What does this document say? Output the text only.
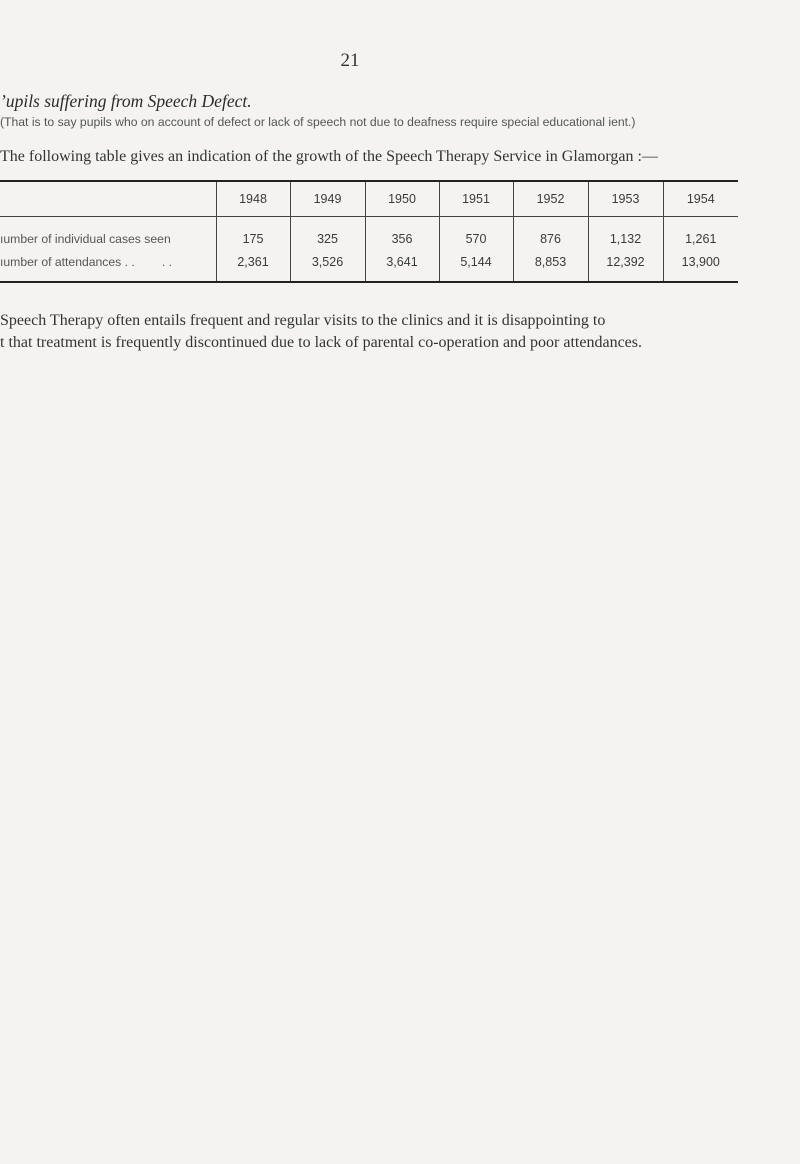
21
’upils suffering from Speech Defect.
(That is to say pupils who on account of defect or lack of speech not due to deafness require special educational ient.)
The following table gives an indication of the growth of the Speech Therapy Service in Glamorgan :—
	1948	1949	1950	1951	1952	1953	1954
ıumber of individual cases seen	175	325	356	570	876	1,132	1,261
ıumber of attendances . .        . .	2,361	3,526	3,641	5,144	8,853	12,392	13,900
Speech Therapy often entails frequent and regular visits to the clinics and it is disappointing to
t that treatment is frequently discontinued due to lack of parental co-operation and poor attendances.
